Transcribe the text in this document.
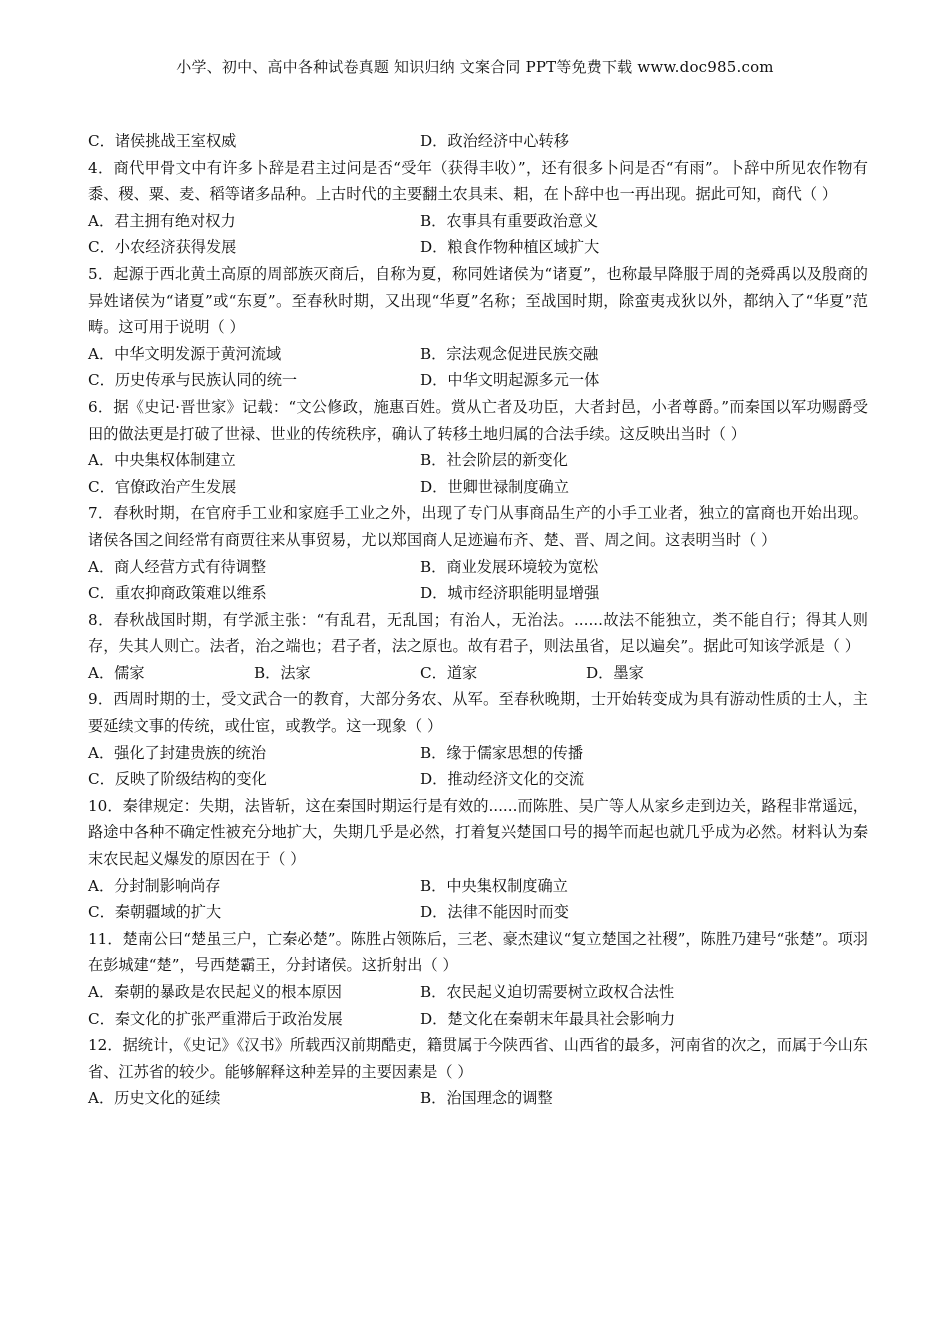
小学、初中、高中各种试卷真题 知识归纳 文案合同 PPT等免费下载 www.doc985.com
C．诸侯挑战王室权威	D．政治经济中心转移

4．商代甲骨文中有许多卜辞是君主过问是否“受年（获得丰收）”，还有很多卜问是否“有雨”。卜辞中所见农作物有黍、稷、粟、麦、稻等诸多品种。上古时代的主要翻土农具耒、耜，在卜辞中也一再出现。据此可知，商代（ ）

A．君主拥有绝对权力	B．农事具有重要政治意义
C．小农经济获得发展	D．粮食作物种植区域扩大

5．起源于西北黄土高原的周部族灭商后，自称为夏，称同姓诸侯为“诸夏”，也称最早降服于周的尧舜禹以及殷商的异姓诸侯为“诸夏”或“东夏”。至春秋时期，又出现“华夏”名称；至战国时期，除蛮夷戎狄以外，都纳入了“华夏”范畴。这可用于说明（ ）

A．中华文明发源于黄河流域	B．宗法观念促进民族交融
C．历史传承与民族认同的统一	D．中华文明起源多元一体

6．据《史记·晋世家》记载：“文公修政，施惠百姓。赏从亡者及功臣，大者封邑，小者尊爵。”而秦国以军功赐爵受田的做法更是打破了世禄、世业的传统秩序，确认了转移土地归属的合法手续。这反映出当时（ ）

A．中央集权体制建立	B．社会阶层的新变化
C．官僚政治产生发展	D．世卿世禄制度确立

7．春秋时期，在官府手工业和家庭手工业之外，出现了专门从事商品生产的小手工业者，独立的富商也开始出现。诸侯各国之间经常有商贾往来从事贸易，尤以郑国商人足迹遍布齐、楚、晋、周之间。这表明当时（ ）

A．商人经营方式有待调整	B．商业发展环境较为宽松
C．重农抑商政策难以维系	D．城市经济职能明显增强

8．春秋战国时期，有学派主张：“有乱君，无乱国；有治人，无治法。......故法不能独立，类不能自行；得其人则存，失其人则亡。法者，治之端也；君子者，法之原也。故有君子，则法虽省，足以遍矣”。据此可知该学派是（ ）

A．儒家	B．法家	C．道家	D．墨家

9．西周时期的士，受文武合一的教育，大部分务农、从军。至春秋晚期，士开始转变成为具有游动性质的士人，主要延续文事的传统，或仕宦，或教学。这一现象（ ）

A．强化了封建贵族的统治	B．缘于儒家思想的传播
C．反映了阶级结构的变化	D．推动经济文化的交流

10．秦律规定：失期，法皆斩，这在秦国时期运行是有效的......而陈胜、吴广等人从家乡走到边关，路程非常遥远，路途中各种不确定性被充分地扩大，失期几乎是必然，打着复兴楚国口号的揭竿而起也就几乎成为必然。材料认为秦末农民起义爆发的原因在于（ ）

A．分封制影响尚存	B．中央集权制度确立
C．秦朝疆域的扩大	D．法律不能因时而变

11．楚南公曰“楚虽三户，亡秦必楚”。陈胜占领陈后，三老、豪杰建议“复立楚国之社稷”，陈胜乃建号“张楚”。项羽在彭城建“楚”，号西楚霸王，分封诸侯。这折射出（ ）

A．秦朝的暴政是农民起义的根本原因	B．农民起义迫切需要树立政权合法性
C．秦文化的扩张严重滞后于政治发展	D．楚文化在秦朝末年最具社会影响力

12．据统计，《史记》《汉书》所载西汉前期酷吏，籍贯属于今陕西省、山西省的最多，河南省的次之，而属于今山东省、江苏省的较少。能够解释这种差异的主要因素是（ ）

A．历史文化的延续	B．治国理念的调整
